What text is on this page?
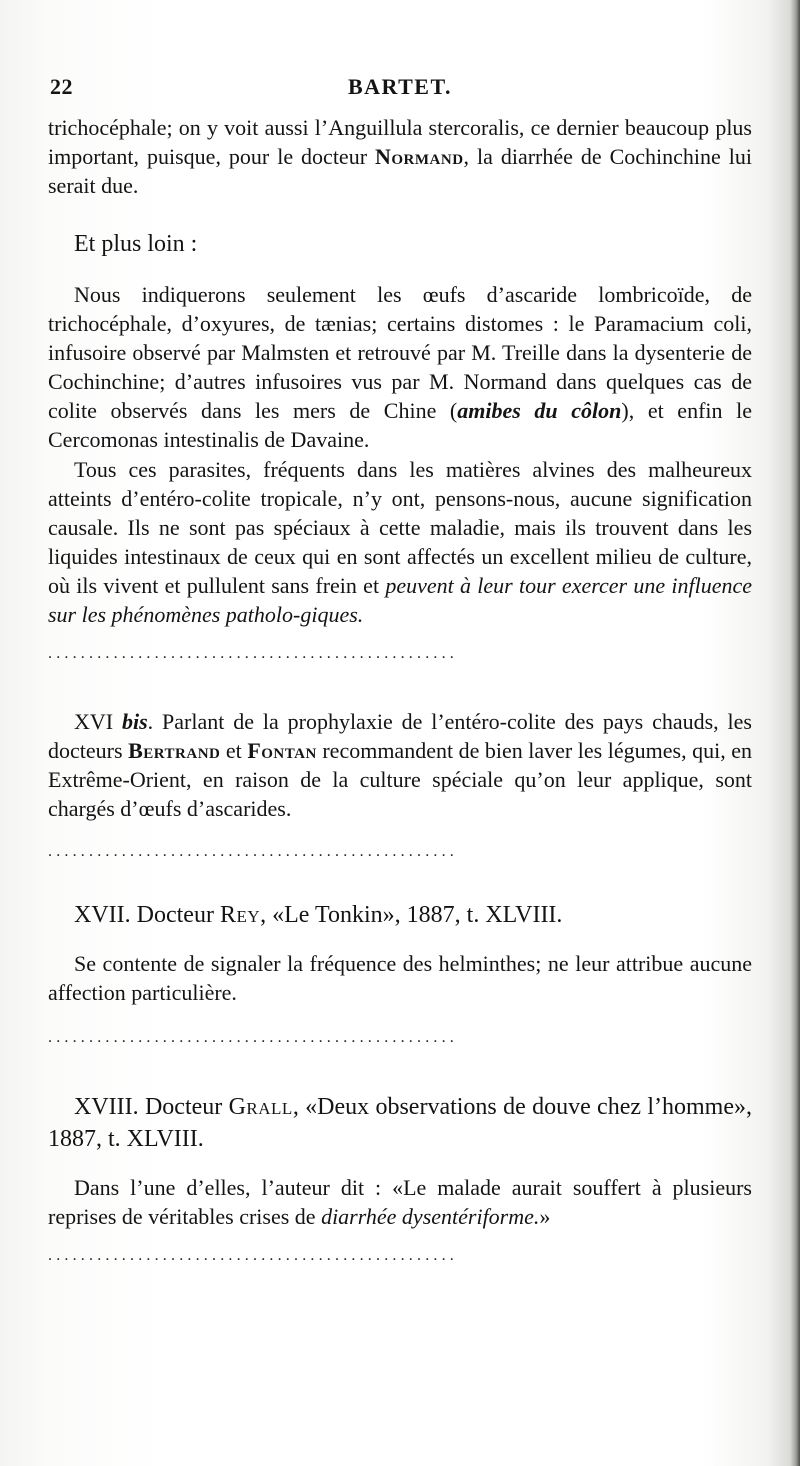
22	BARTET.

trichocéphale; on y voit aussi l’Anguillula stercoralis, ce dernier beaucoup plus important, puisque, pour le docteur Normand, la diarrhée de Cochinchine lui serait due.

Et plus loin :

Nous indiquerons seulement les œufs d’ascaride lombricoïde, de trichocéphale, d’oxyures, de tænias; certains distomes : le Paramacium coli, infusoire observé par Malmsten et retrouvé par M. Treille dans la dysenterie de Cochinchine; d’autres infusoires vus par M. Normand dans quelques cas de colite observés dans les mers de Chine (amibes du côlon), et enfin le Cercomonas intestinalis de Davaine.

Tous ces parasites, fréquents dans les matières alvines des malheureux atteints d’entéro-colite tropicale, n’y ont, pensons-nous, aucune signification causale. Ils ne sont pas spéciaux à cette maladie, mais ils trouvent dans les liquides intestinaux de ceux qui en sont affectés un excellent milieu de culture, où ils vivent et pullulent sans frein et peuvent à leur tour exercer une influence sur les phénomènes patholo-giques.

..................................................

XVI bis. Parlant de la prophylaxie de l’entéro-colite des pays chauds, les docteurs Bertrand et Fontan recommandent de bien laver les légumes, qui, en Extrême-Orient, en raison de la culture spéciale qu’on leur applique, sont chargés d’œufs d’ascarides.

..................................................

XVII. Docteur Rey, «Le Tonkin», 1887, t. XLVIII.

Se contente de signaler la fréquence des helminthes; ne leur attribue aucune affection particulière.

..................................................

XVIII. Docteur Grall, «Deux observations de douve chez l’homme», 1887, t. XLVIII.

Dans l’une d’elles, l’auteur dit : «Le malade aurait souffert à plusieurs reprises de véritables crises de diarrhée dysentériforme.»

..................................................
